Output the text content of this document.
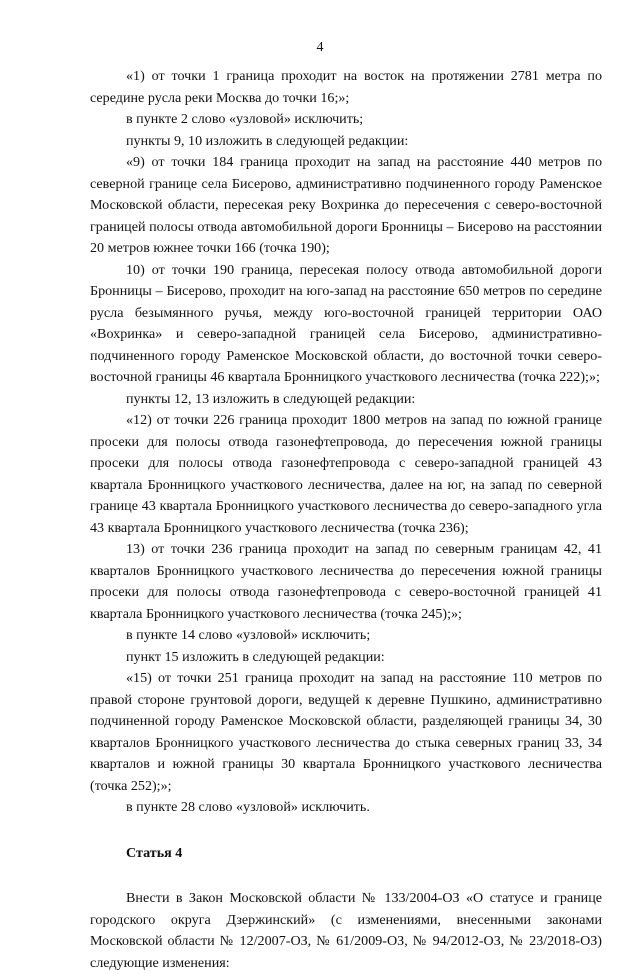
4

«1) от точки 1 граница проходит на восток на протяжении 2781 метра по середине русла реки Москва до точки 16;»;

в пункте 2 слово «узловой» исключить;

пункты 9, 10 изложить в следующей редакции:

«9) от точки 184 граница проходит на запад на расстояние 440 метров по северной границе села Бисерово, административно подчиненного городу Раменское Московской области, пересекая реку Вохринка до пересечения с северо-восточной границей полосы отвода автомобильной дороги Бронницы – Бисерово на расстоянии 20 метров южнее точки 166 (точка 190);

10) от точки 190 граница, пересекая полосу отвода автомобильной дороги Бронницы – Бисерово, проходит на юго-запад на расстояние 650 метров по середине русла безымянного ручья, между юго-восточной границей территории ОАО «Вохринка» и северо-западной границей села Бисерово, административно-подчиненного городу Раменское Московской области, до восточной точки северо-восточной границы 46 квартала Бронницкого участкового лесничества (точка 222);»;

пункты 12, 13 изложить в следующей редакции:

«12) от точки 226 граница проходит 1800 метров на запад по южной границе просеки для полосы отвода газонефтепровода, до пересечения южной границы просеки для полосы отвода газонефтепровода с северо-западной границей 43 квартала Бронницкого участкового лесничества, далее на юг, на запад по северной границе 43 квартала Бронницкого участкового лесничества до северо-западного угла 43 квартала Бронницкого участкового лесничества (точка 236);

13) от точки 236 граница проходит на запад по северным границам 42, 41 кварталов Бронницкого участкового лесничества до пересечения южной границы просеки для полосы отвода газонефтепровода с северо-восточной границей 41 квартала Бронницкого участкового лесничества (точка 245);»;

в пункте 14 слово «узловой» исключить;

пункт 15 изложить в следующей редакции:

«15) от точки 251 граница проходит на запад на расстояние 110 метров по правой стороне грунтовой дороги, ведущей к деревне Пушкино, административно подчиненной городу Раменское Московской области, разделяющей границы 34, 30 кварталов Бронницкого участкового лесничества до стыка северных границ 33, 34 кварталов и южной границы 30 квартала Бронницкого участкового лесничества (точка 252);»;

в пункте 28 слово «узловой» исключить.

Статья 4

Внести в Закон Московской области № 133/2004-ОЗ «О статусе и границе городского округа Дзержинский» (с изменениями, внесенными законами Московской области № 12/2007-ОЗ, № 61/2009-ОЗ, № 94/2012-ОЗ, № 23/2018-ОЗ) следующие изменения:
